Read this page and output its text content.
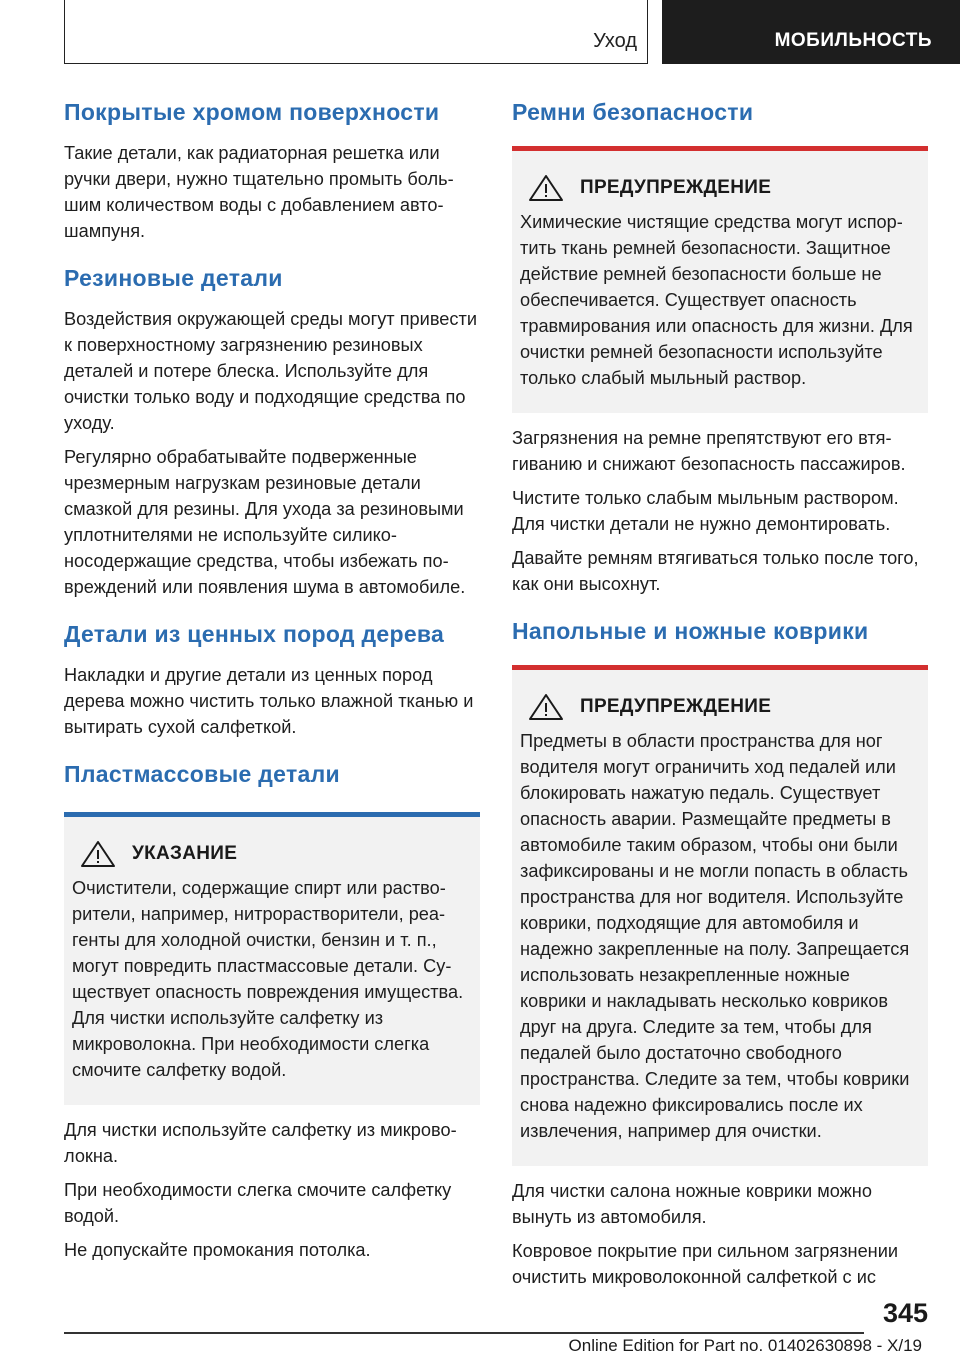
Уход	МОБИЛЬНОСТЬ
Покрытые хромом поверхности

Такие детали, как радиаторная решетка или ручки двери, нужно тщательно промыть большим количеством воды с добавлением автошампуня.

Резиновые детали

Воздействия окружающей среды могут привести к поверхностному загрязнению резиновых деталей и потере блеска. Используйте для очистки только воду и подходящие средства по уходу.

Регулярно обрабатывайте подверженные чрезмерным нагрузкам резиновые детали смазкой для резины. Для ухода за резиновыми уплотнителями не используйте силиконосодержащие средства, чтобы избежать повреждений или появления шума в автомобиле.

Детали из ценных пород дерева

Накладки и другие детали из ценных пород дерева можно чистить только влажной тканью и вытирать сухой салфеткой.

Пластмассовые детали
УКАЗАНИЕ

Очистители, содержащие спирт или растворители, например, нитрорастворители, реагенты для холодной очистки, бензин и т. п., могут повредить пластмассовые детали. Существует опасность повреждения имущества. Для чистки используйте салфетку из микроволокна. При необходимости слегка смочите салфетку водой.

Для чистки используйте салфетку из микроволокна.

При необходимости слегка смочите салфетку водой.

Не допускайте промокания потолка.

Ремни безопасности
ПРЕДУПРЕЖДЕНИЕ

Химические чистящие средства могут испортить ткань ремней безопасности. Защитное действие ремней безопасности больше не обеспечивается. Существует опасность травмирования или опасность для жизни. Для очистки ремней безопасности используйте только слабый мыльный раствор.

Загрязнения на ремне препятствуют его втягиванию и снижают безопасность пассажиров.

Чистите только слабым мыльным раствором. Для чистки детали не нужно демонтировать.

Давайте ремням втягиваться только после того, как они высохнут.

Напольные и ножные коврики
ПРЕДУПРЕЖДЕНИЕ

Предметы в области пространства для ног водителя могут ограничить ход педалей или блокировать нажатую педаль. Существует опасность аварии. Размещайте предметы в автомобиле таким образом, чтобы они были зафиксированы и не могли попасть в область пространства для ног водителя. Используйте коврики, подходящие для автомобиля и надежно закрепленные на полу. Запрещается использовать незакрепленные ножные коврики и накладывать несколько ковриков друг на друга. Следите за тем, чтобы для педалей было достаточно свободного пространства. Следите за тем, чтобы коврики снова надежно фиксировались после их извлечения, например для очистки.

Для чистки салона ножные коврики можно вынуть из автомобиля.

Ковровое покрытие при сильном загрязнении очистить микроволоконной салфеткой с ис

345
Online Edition for Part no. 01402630898 - X/19
